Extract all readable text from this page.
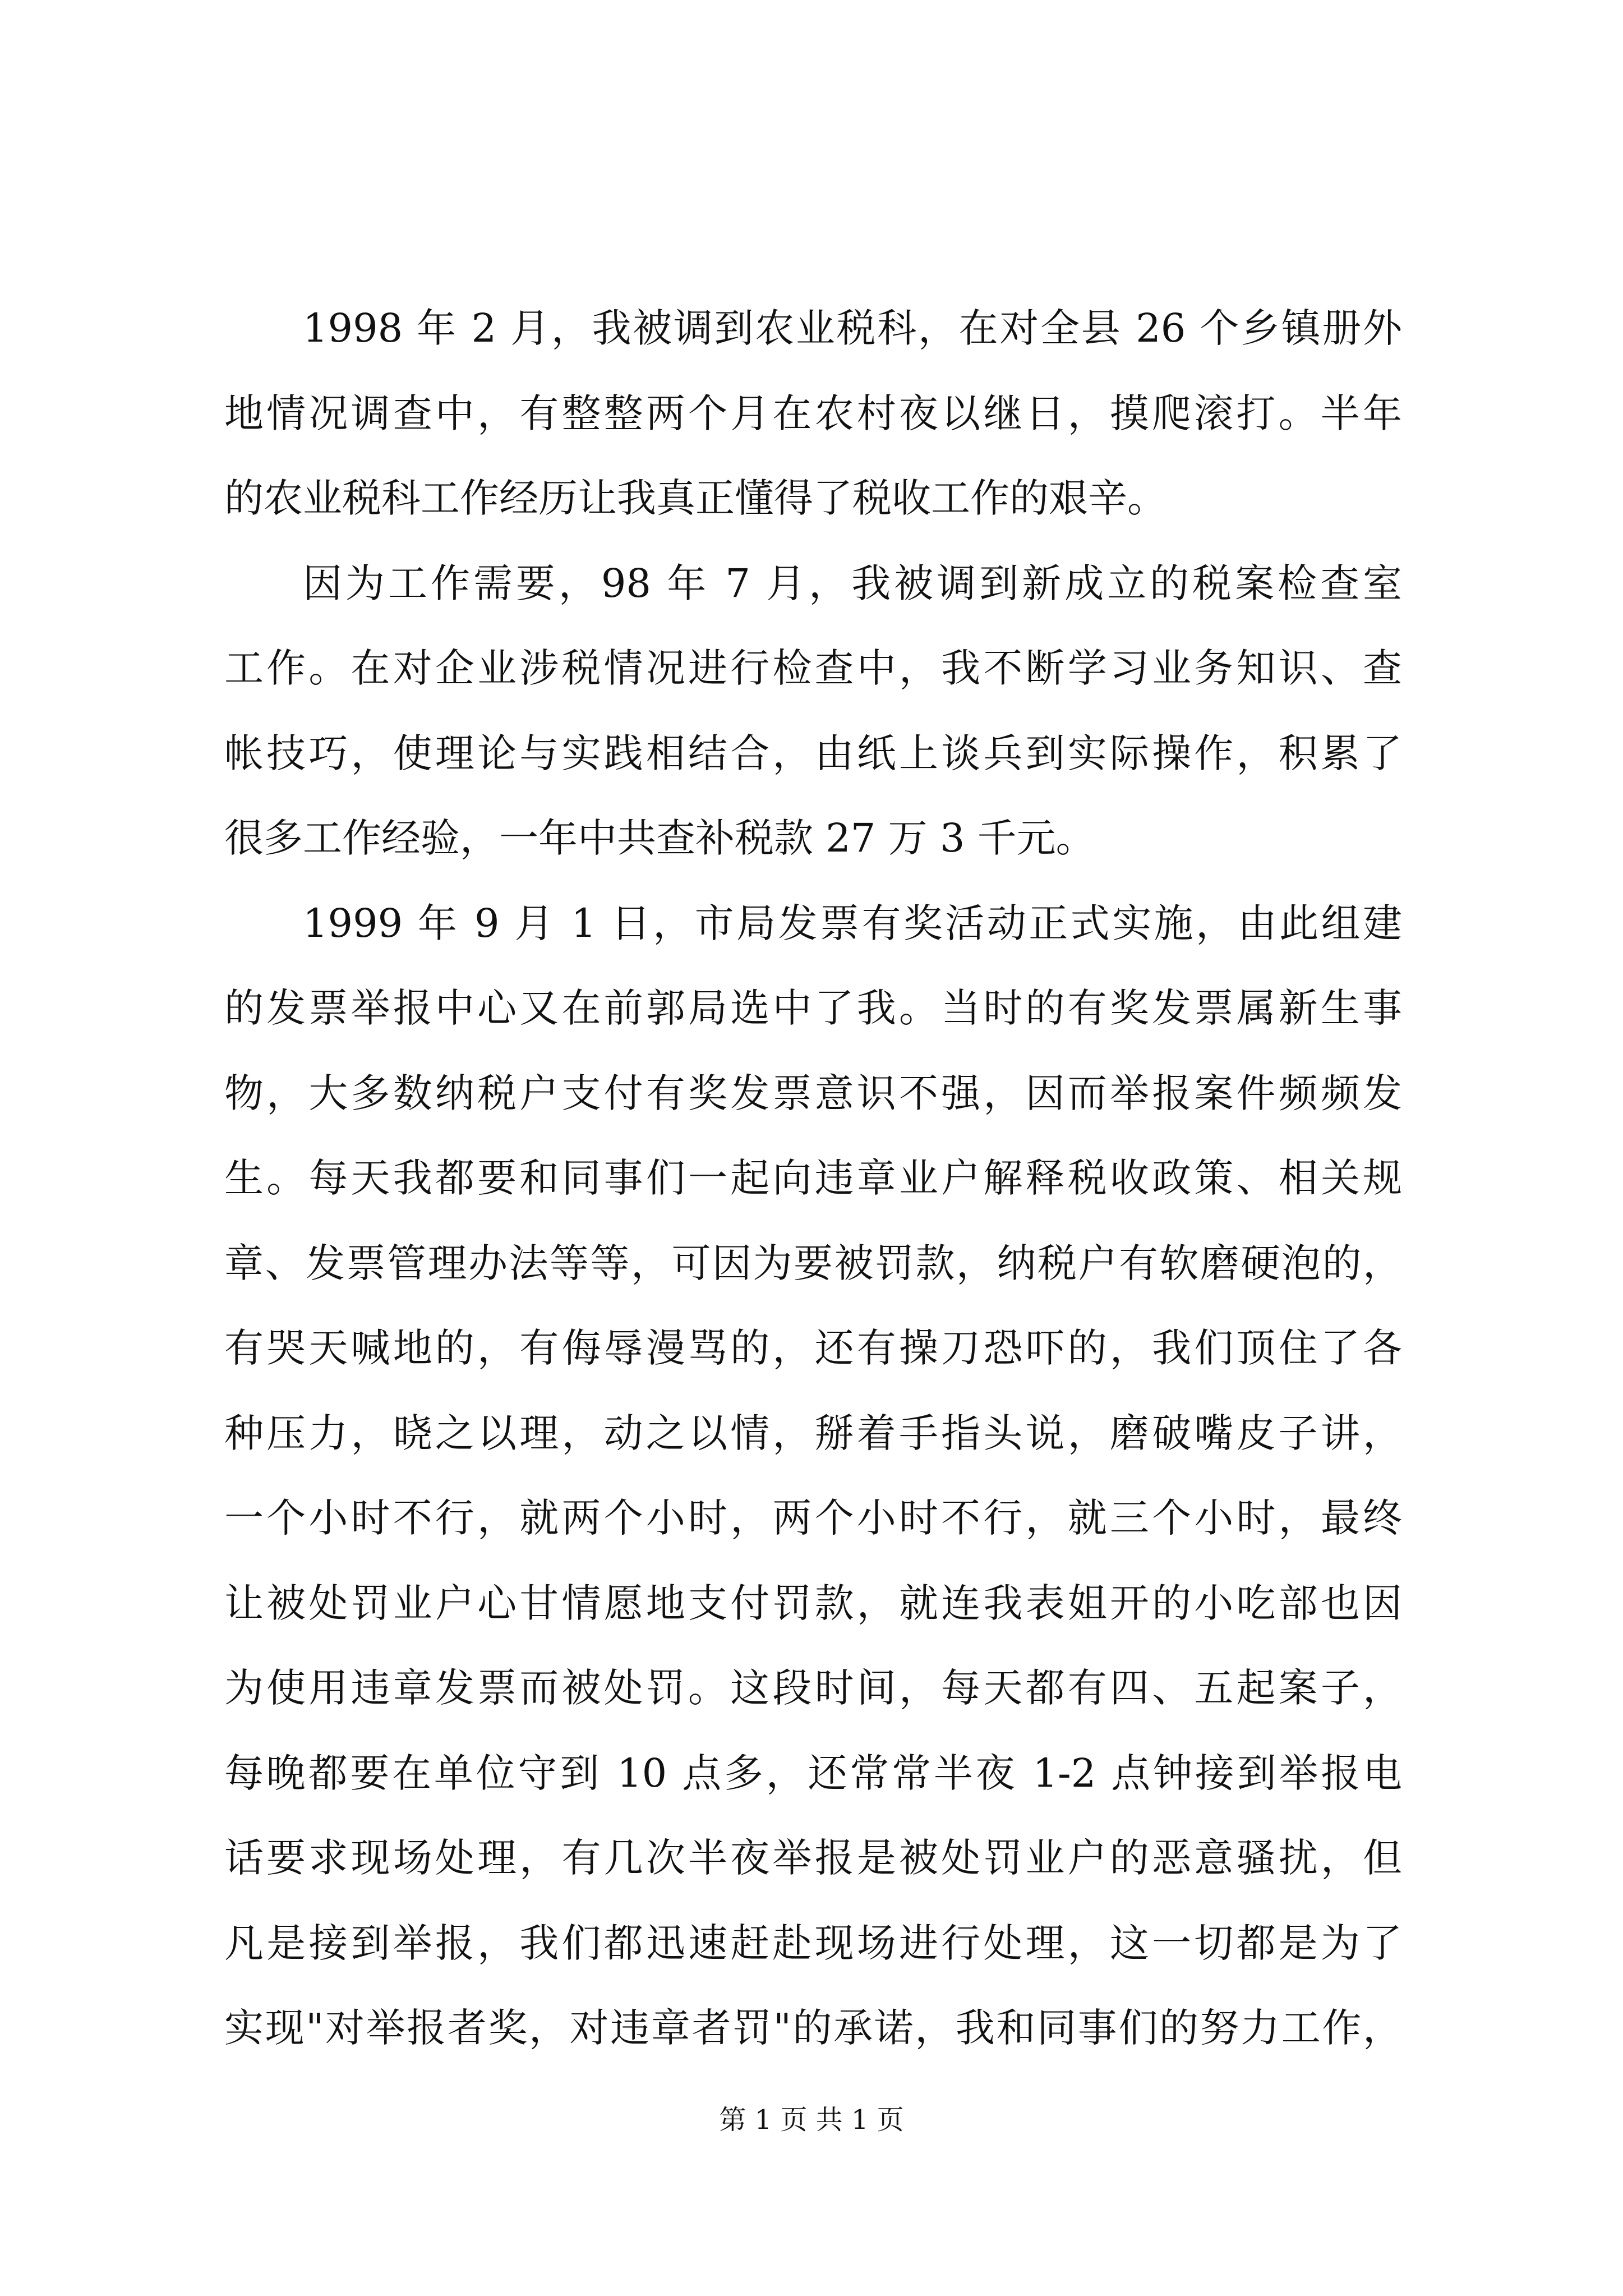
1998 年 2 月，我被调到农业税科，在对全县 26 个乡镇册外
地情况调查中，有整整两个月在农村夜以继日，摸爬滚打。半年
的农业税科工作经历让我真正懂得了税收工作的艰辛。
因为工作需要，98 年 7 月，我被调到新成立的税案检查室
工作。在对企业涉税情况进行检查中，我不断学习业务知识、查
帐技巧，使理论与实践相结合，由纸上谈兵到实际操作，积累了
很多工作经验，一年中共查补税款 27 万 3 千元。
1999 年 9 月 1 日，市局发票有奖活动正式实施，由此组建
的发票举报中心又在前郭局选中了我。当时的有奖发票属新生事
物，大多数纳税户支付有奖发票意识不强，因而举报案件频频发
生。每天我都要和同事们一起向违章业户解释税收政策、相关规
章、发票管理办法等等，可因为要被罚款，纳税户有软磨硬泡的，
有哭天喊地的，有侮辱漫骂的，还有操刀恐吓的，我们顶住了各
种压力，晓之以理，动之以情，掰着手指头说，磨破嘴皮子讲，
一个小时不行，就两个小时，两个小时不行，就三个小时，最终
让被处罚业户心甘情愿地支付罚款，就连我表姐开的小吃部也因
为使用违章发票而被处罚。这段时间，每天都有四、五起案子，
每晚都要在单位守到 10 点多，还常常半夜 1-2 点钟接到举报电
话要求现场处理，有几次半夜举报是被处罚业户的恶意骚扰，但
凡是接到举报，我们都迅速赶赴现场进行处理，这一切都是为了
实现"对举报者奖，对违章者罚"的承诺，我和同事们的努力工作，
第 1 页 共 1 页
